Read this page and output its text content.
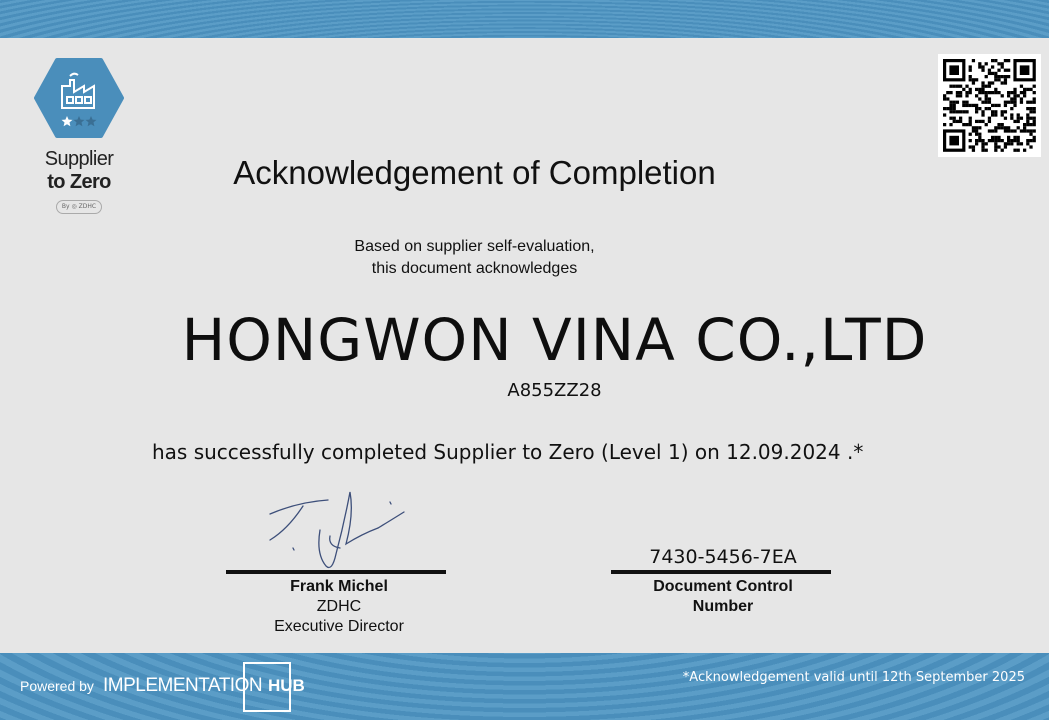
Supplier
to Zero
By ◎ ZDHC
Acknowledgement of Completion
Based on supplier self-evaluation,
this document acknowledges
HONGWON VINA CO.,LTD
A855ZZ28
has successfully completed Supplier to Zero (Level 1) on 12.09.2024 .*
Frank Michel
ZDHC
Executive Director
7430-5456-7EA
Document Control
Number
Powered by IMPLEMENTATION HUB	*Acknowledgement valid until 12th September 2025
